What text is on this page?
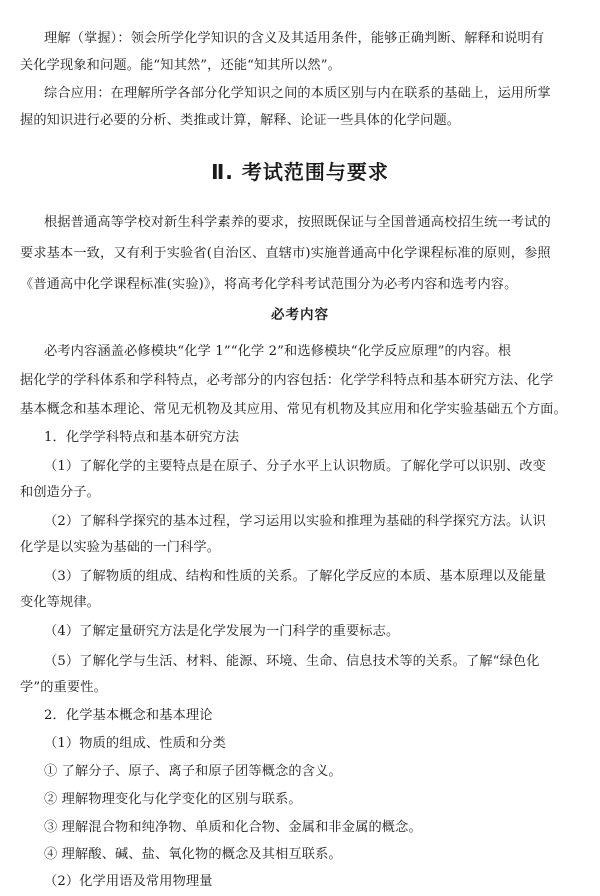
理解（掌握）：领会所学化学知识的含义及其适用条件，能够正确判断、解释和说明有
关化学现象和问题。能“知其然”，还能“知其所以然”。
综合应用：在理解所学各部分化学知识之间的本质区别与内在联系的基础上，运用所掌
握的知识进行必要的分析、类推或计算，解释、论证一些具体的化学问题。
Ⅱ. 考试范围与要求
根据普通高等学校对新生科学素养的要求，按照既保证与全国普通高校招生统一考试的
要求基本一致，又有利于实验省(自治区、直辖市)实施普通高中化学课程标准的原则，参照
《普通高中化学课程标准(实验)》，将高考化学科考试范围分为必考内容和选考内容。
必考内容
必考内容涵盖必修模块“化学 1”“化学 2”和选修模块“化学反应原理”的内容。根
据化学的学科体系和学科特点，必考部分的内容包括：化学学科特点和基本研究方法、化学
基本概念和基本理论、常见无机物及其应用、常见有机物及其应用和化学实验基础五个方面。
1．化学学科特点和基本研究方法
（1）了解化学的主要特点是在原子、分子水平上认识物质。了解化学可以识别、改变
和创造分子。
（2）了解科学探究的基本过程，学习运用以实验和推理为基础的科学探究方法。认识
化学是以实验为基础的一门科学。
（3）了解物质的组成、结构和性质的关系。了解化学反应的本质、基本原理以及能量
变化等规律。
（4）了解定量研究方法是化学发展为一门科学的重要标志。
（5）了解化学与生活、材料、能源、环境、生命、信息技术等的关系。了解“绿色化
学”的重要性。
2．化学基本概念和基本理论
（1）物质的组成、性质和分类
① 了解分子、原子、离子和原子团等概念的含义。
② 理解物理变化与化学变化的区别与联系。
③ 理解混合物和纯净物、单质和化合物、金属和非金属的概念。
④ 理解酸、碱、盐、氧化物的概念及其相互联系。
（2）化学用语及常用物理量
